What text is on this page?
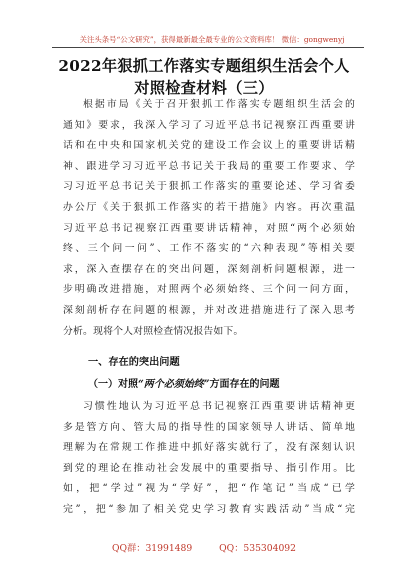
关注头条号“公文研究”，获得最新最全最专业的公文资料库！ 微信：gongwenyj
2022年狠抓工作落实专题组织生活会个人
对照检查材料（三）

根据市局《关于召开狠抓工作落实专题组织生活会的
通知》要求，我深入学习了习近平总书记视察江西重要讲
话和在中央和国家机关党的建设工作会议上的重要讲话精
神、跟进学习习近平总书记关于我局的重要工作要求、学
习习近平总书记关于狠抓工作落实的重要论述、学习省委
办公厅《关于狠抓工作落实的若干措施》内容。再次重温
习近平总书记视察江西重要讲话精神，对照“两个必须始
终、三个问一问”、工作不落实的“六种表现”等相关要
求，深入查摆存在的突出问题，深刻剖析问题根源，进一
步明确改进措施，对照两个必须始终、三个问一问方面，
深刻剖析存在问题的根源，并对改进措施进行了深入思考
分析。现将个人对照检查情况报告如下。

一、存在的突出问题
（一）对照“两个必须始终”方面存在的问题

习惯性地认为习近平总书记视察江西重要讲话精神更
多是管方向、管大局的指导性的国家领导人讲话、简单地
理解为在常规工作推进中抓好落实就行了，没有深刻认识
到党的理论在推动社会发展中的重要指导、指引作用。比
如，把“学过”视为“学好”，把“作笔记”当成“已学
完”，把“参加了相关党史学习教育实践活动”当成“完

QQ群：31991489	QQ：535304092
